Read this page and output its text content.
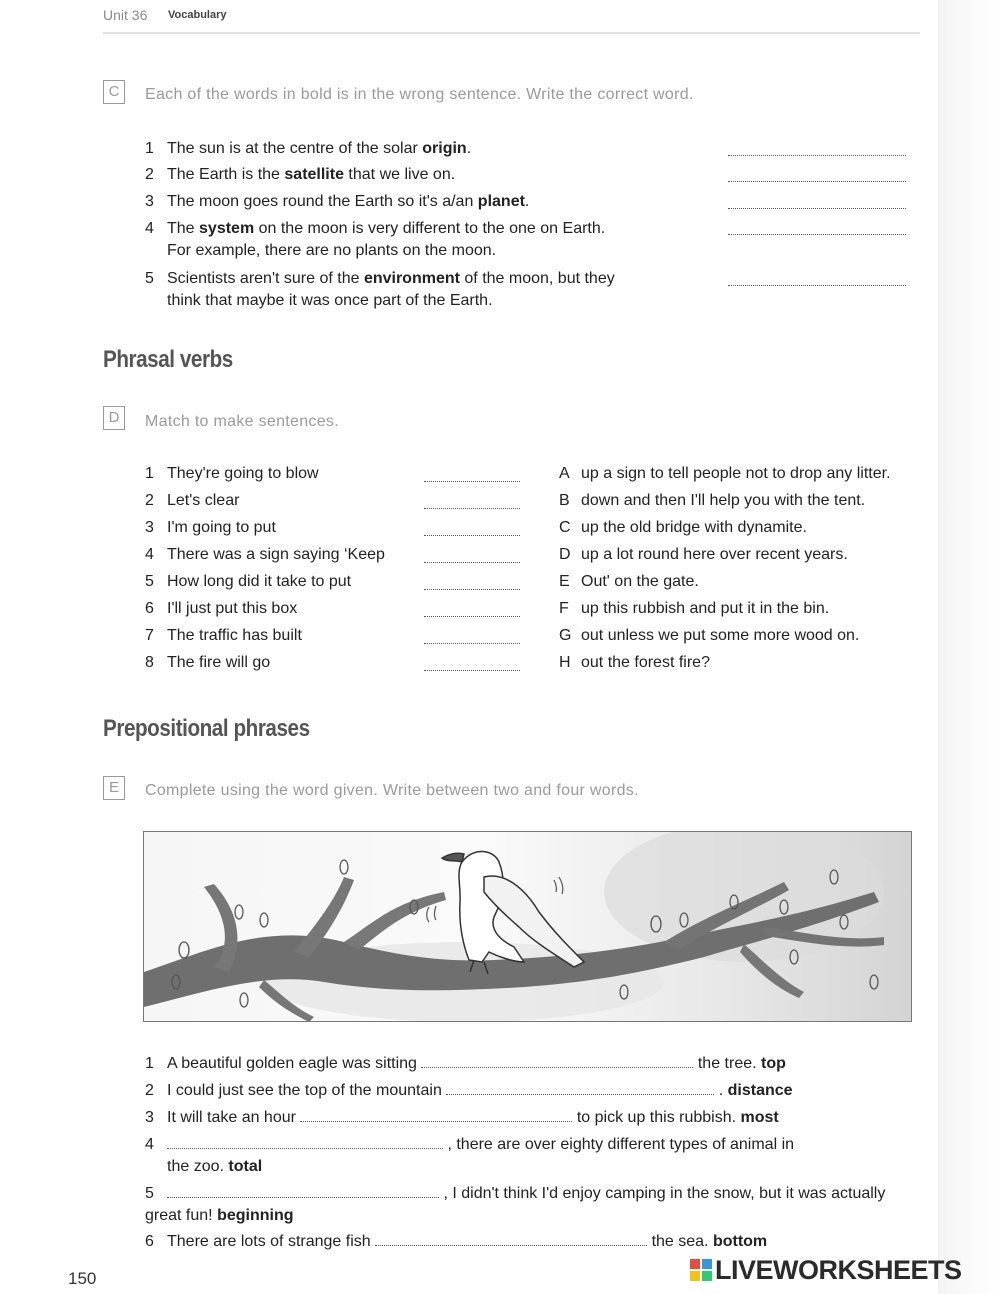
Unit 36 Vocabulary
C	Each of the words in bold is in the wrong sentence. Write the correct word.
1 The sun is at the centre of the solar origin.
2 The Earth is the satellite that we live on.
3 The moon goes round the Earth so it's a/an planet.
4 The system on the moon is very different to the one on Earth.
For example, there are no plants on the moon.
5 Scientists aren't sure of the environment of the moon, but they
think that maybe it was once part of the Earth.
Phrasal verbs
D	Match to make sentences.
1 They're going to blow
2 Let's clear
3 I'm going to put
4 There was a sign saying ‘Keep
5 How long did it take to put
6 I'll just put this box
7 The traffic has built
8 The fire will go
A up a sign to tell people not to drop any litter.
B down and then I'll help you with the tent.
C up the old bridge with dynamite.
D up a lot round here over recent years.
E Out' on the gate.
F up this rubbish and put it in the bin.
G out unless we put some more wood on.
H out the forest fire?
Prepositional phrases
E	Complete using the word given. Write between two and four words.
1 A beautiful golden eagle was sitting	the tree. top
2 I could just see the top of the mountain	. distance
3 It will take an hour	to pick up this rubbish. most
4	, there are over eighty different types of animal in
the zoo. total
5	, I didn't think I'd enjoy camping in the snow, but it was actually
great fun! beginning
6 There are lots of strange fish	the sea. bottom
150	LIVEWORKSHEETS
